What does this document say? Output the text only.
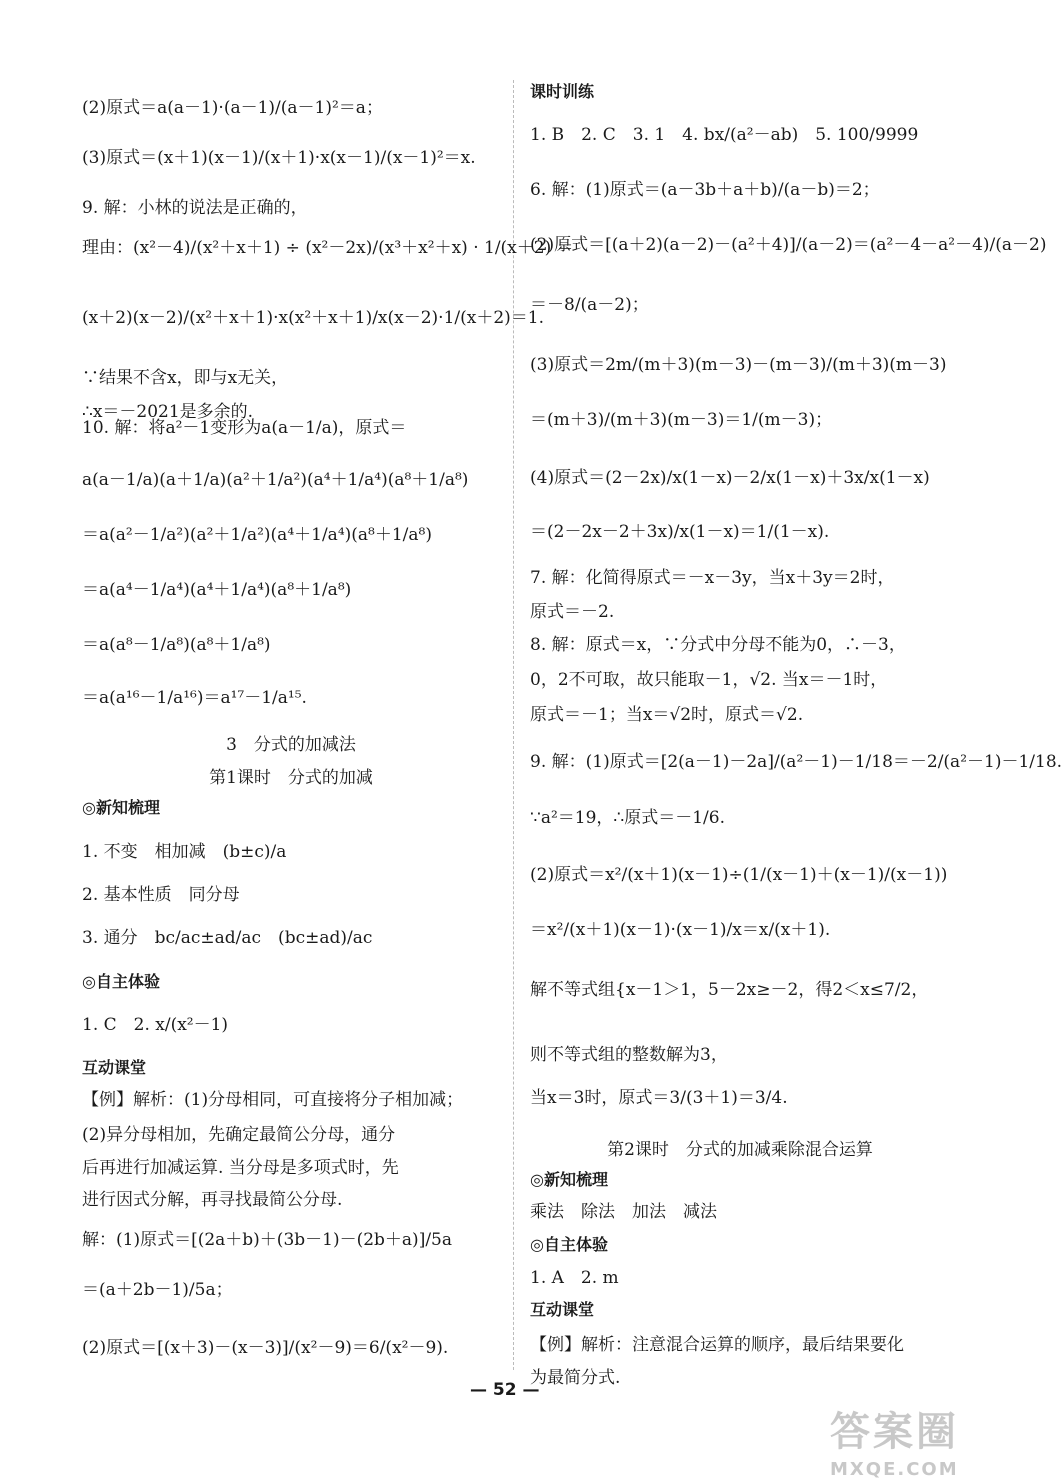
(2)原式＝a(a－1)·(a－1)/(a－1)²＝a；
(3)原式＝(x＋1)(x－1)/(x＋1)·x(x－1)/(x－1)²＝x.
9. 解：小林的说法是正确的，
理由：(x²－4)/(x²＋x＋1) ÷ (x²－2x)/(x³＋x²＋x) · 1/(x＋2) ＝
(x＋2)(x－2)/(x²＋x＋1)·x(x²＋x＋1)/x(x－2)·1/(x＋2)＝1.
∵结果不含x，即与x无关，
∴x＝－2021是多余的.
10. 解：将a²－1变形为a(a－1/a)，原式＝
a(a－1/a)(a＋1/a)(a²＋1/a²)(a⁴＋1/a⁴)(a⁸＋1/a⁸)
＝a(a²－1/a²)(a²＋1/a²)(a⁴＋1/a⁴)(a⁸＋1/a⁸)
＝a(a⁴－1/a⁴)(a⁴＋1/a⁴)(a⁸＋1/a⁸)
＝a(a⁸－1/a⁸)(a⁸＋1/a⁸)
＝a(a¹⁶－1/a¹⁶)＝a¹⁷－1/a¹⁵.
3　分式的加减法
第1课时　分式的加减
◎新知梳理
1. 不变　相加减　(b±c)/a
2. 基本性质　同分母
3. 通分　bc/ac±ad/ac　(bc±ad)/ac
◎自主体验
1. C　2. x/(x²－1)
互动课堂
【例】解析：(1)分母相同，可直接将分子相加减；
(2)异分母相加，先确定最简公分母，通分
后再进行加减运算. 当分母是多项式时，先
进行因式分解，再寻找最简公分母.
解：(1)原式＝[(2a＋b)＋(3b－1)－(2b＋a)]/5a
＝(a＋2b－1)/5a；
(2)原式＝[(x＋3)－(x－3)]/(x²－9)＝6/(x²－9).
课时训练
1. B　2. C　3. 1　4. bx/(a²－ab)　5. 100/9999
6. 解：(1)原式＝(a－3b＋a＋b)/(a－b)＝2；
(2)原式＝[(a＋2)(a－2)－(a²＋4)]/(a－2)＝(a²－4－a²－4)/(a－2)
＝－8/(a－2)；
(3)原式＝2m/(m＋3)(m－3)－(m－3)/(m＋3)(m－3)
＝(m＋3)/(m＋3)(m－3)＝1/(m－3)；
(4)原式＝(2－2x)/x(1－x)－2/x(1－x)＋3x/x(1－x)
＝(2－2x－2＋3x)/x(1－x)＝1/(1－x).
7. 解：化简得原式＝－x－3y，当x＋3y＝2时，
原式＝－2.
8. 解：原式＝x，∵分式中分母不能为0，∴－3，
0，2不可取，故只能取－1，√2. 当x＝－1时，
原式＝－1；当x＝√2时，原式＝√2.
9. 解：(1)原式＝[2(a－1)－2a]/(a²－1)－1/18＝－2/(a²－1)－1/18.
∵a²＝19，∴原式＝－1/6.
(2)原式＝x²/(x＋1)(x－1)÷(1/(x－1)＋(x－1)/(x－1))
＝x²/(x＋1)(x－1)·(x－1)/x＝x/(x＋1).
解不等式组{x－1＞1，5－2x≥－2，得2＜x≤7/2，
则不等式组的整数解为3，
当x＝3时，原式＝3/(3＋1)＝3/4.
第2课时　分式的加减乘除混合运算
◎新知梳理
乘法　除法　加法　减法
◎自主体验
1. A　2. m
互动课堂
【例】解析：注意混合运算的顺序，最后结果要化
为最简分式.
— 52 —
答案圈
MXQE.COM
